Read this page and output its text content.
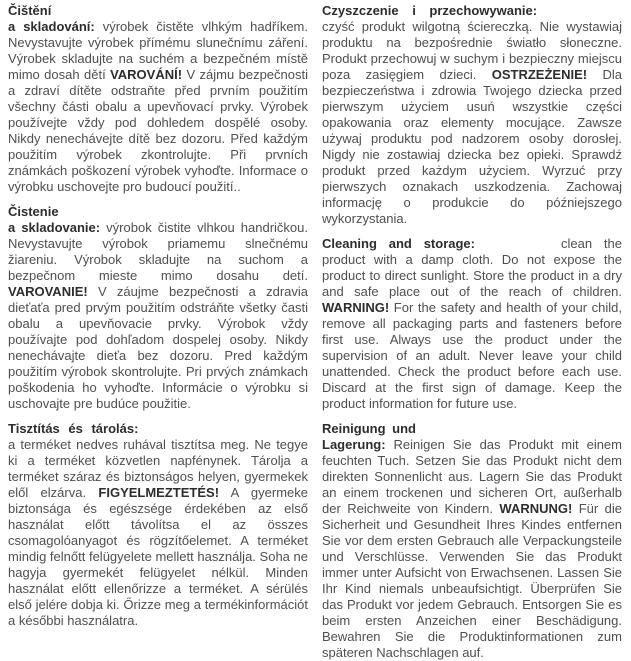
Čištění

a skladování: výrobek čistěte vlhkým hadříkem. Nevystavujte výrobek přímému slunečnímu záření. Výrobek skladujte na suchém a bezpečném místě mimo dosah dětí VAROVÁNÍ! V zájmu bezpečnosti a zdraví dítěte odstraňte před prvním použitím všechny části obalu a upevňovací prvky. Výrobek používejte vždy pod dohledem dospělé osoby. Nikdy nenechávejte dítě bez dozoru. Před každým použitím výrobek zkontrolujte. Při prvních známkách poškození výrobek vyhoďte. Informace o výrobku uschovejte pro budoucí použití..

Čistenie

a skladovanie: výrobok čistite vlhkou handričkou. Nevystavujte výrobok priamemu slnečnému žiareniu. Výrobok skladujte na suchom a bezpečnom mieste mimo dosahu detí. VAROVANIE! V záujme bezpečnosti a zdravia dieťaťa pred prvým použitím odstráňte všetky časti obalu a upevňovacie prvky. Výrobok vždy používajte pod dohľadom dospelej osoby. Nikdy nenechávajte dieťa bez dozoru. Pred každým použitím výrobok skontrolujte. Pri prvých známkach poškodenia ho vyhoďte. Informácie o výrobku si uschovajte pre budúce použitie.

Tisztítás és tárolás:

a terméket nedves ruhával tisztítsa meg. Ne tegye ki a terméket közvetlen napfénynek. Tárolja a terméket száraz és biztonságos helyen, gyermekek elől elzárva. FIGYELMEZTETÉS! A gyermeke biztonsága és egészsége érdekében az első használat előtt távolítsa el az összes csomagolóanyagot és rögzítőelemet. A terméket mindig felnőtt felügyelete mellett használja. Soha ne hagyja gyermekét felügyelet nélkül. Minden használat előtt ellenőrizze a terméket. A sérülés első jelére dobja ki. Őrizze meg a termékinformációt a későbbi használatra.

Czyszczenie i przechowywanie:

czyść produkt wilgotną ściereczką. Nie wystawiaj produktu na bezpośrednie światło słoneczne. Produkt przechowuj w suchym i bezpieczny miejscu poza zasięgiem dzieci. OSTRZEŻENIE! Dla bezpieczeństwa i zdrowia Twojego dziecka przed pierwszym użyciem usuń wszystkie części opakowania oraz elementy mocujące. Zawsze używaj produktu pod nadzorem osoby dorosłej. Nigdy nie zostawiaj dziecka bez opieki. Sprawdź produkt przed każdym użyciem. Wyrzuć przy pierwszych oznakach uszkodzenia. Zachowaj informację o produkcie do późniejszego wykorzystania.

Cleaning and storage:	clean the product with a damp cloth. Do not expose the product to direct sunlight. Store the product in a dry and safe place out of the reach of children. WARNING! For the safety and health of your child, remove all packaging parts and fasteners before first use. Always use the product under the supervision of an adult. Never leave your child unattended. Check the product before each use. Discard at the first sign of damage. Keep the product information for future use.

Reinigung und

Lagerung: Reinigen Sie das Produkt mit einem feuchten Tuch. Setzen Sie das Produkt nicht dem direkten Sonnenlicht aus. Lagern Sie das Produkt an einem trockenen und sicheren Ort, außerhalb der Reichweite von Kindern. WARNUNG! Für die Sicherheit und Gesundheit Ihres Kindes entfernen Sie vor dem ersten Gebrauch alle Verpackungsteile und Verschlüsse. Verwenden Sie das Produkt immer unter Aufsicht von Erwachsenen. Lassen Sie Ihr Kind niemals unbeaufsichtigt. Überprüfen Sie das Produkt vor jedem Gebrauch. Entsorgen Sie es beim ersten Anzeichen einer Beschädigung. Bewahren Sie die Produktinformationen zum späteren Nachschlagen auf.
